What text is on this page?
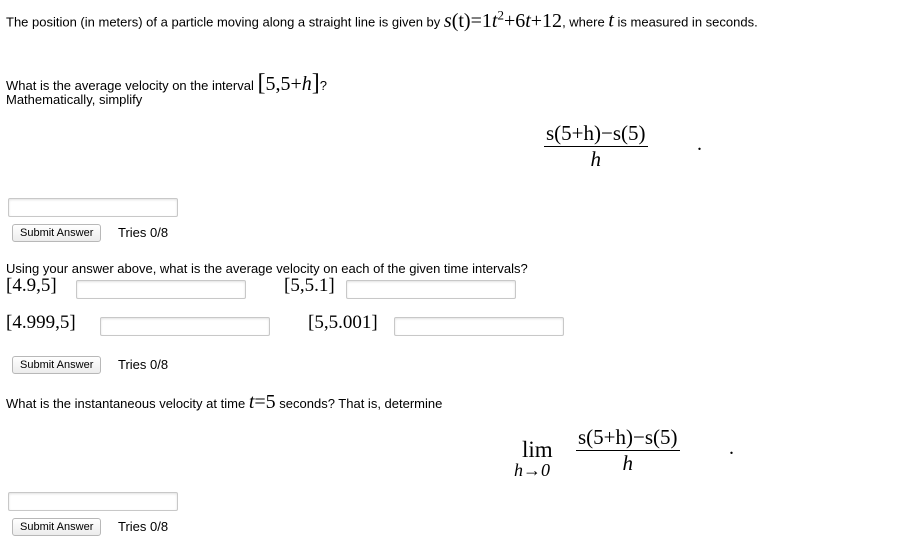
The position (in meters) of a particle moving along a straight line is given by $s(t)=1t^2+6t+12$, where t is measured in seconds.
What is the average velocity on the interval [5,5+h]?
Mathematically, simplify
$\frac{s(5+h)-s(5)}{h}$ .
Submit Answer	Tries 0/8
Using your answer above, what is the average velocity on each of the given time intervals?
[4.9,5]	[5,5.1]
[4.999,5]	[5,5.001]
Submit Answer	Tries 0/8
What is the instantaneous velocity at time t=5 seconds? That is, determine
lim
$h\to 0 \frac{s(5+h)-s(5)}{h}$ .
Submit Answer	Tries 0/8
